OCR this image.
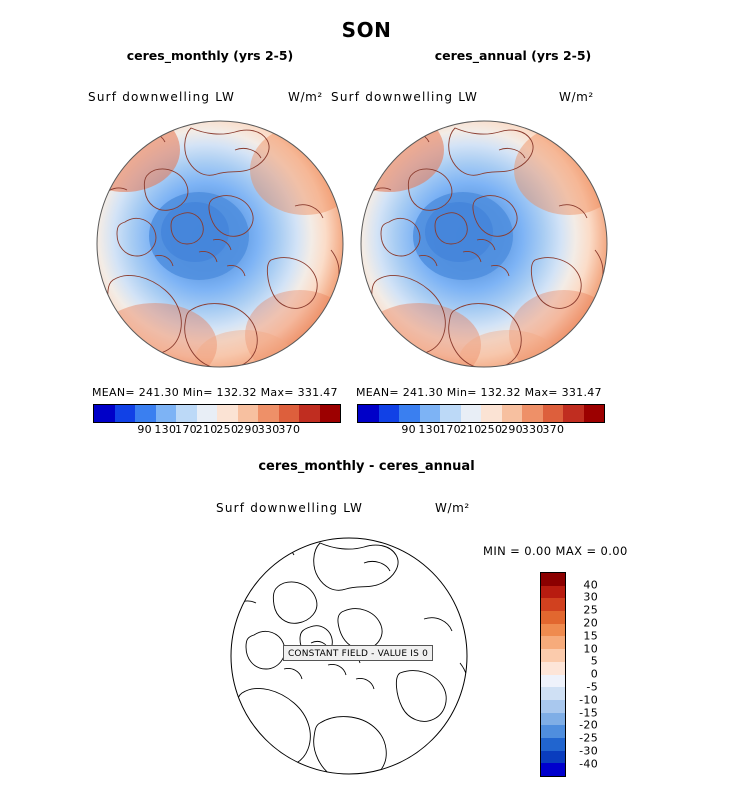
SON
ceres_monthly (yrs 2-5)	ceres_annual (yrs 2-5)
Surf downwelling LW	W/m² Surf downwelling LW	W/m²
MEAN= 241.30 Min= 132.32 Max= 331.47 MEAN= 241.30 Min= 132.32 Max= 331.47
90 130
170
210
250
290
330
370	90 130
170
210
250
290
330
370
ceres_monthly - ceres_annual
Surf downwelling LW	W/m²
MIN = 0.00 MAX = 0.00
CONSTANT FIELD - VALUE IS 0
40
30
25
20
15
10
5
0
-5
-10
-15
-20
-25
-30
-40
